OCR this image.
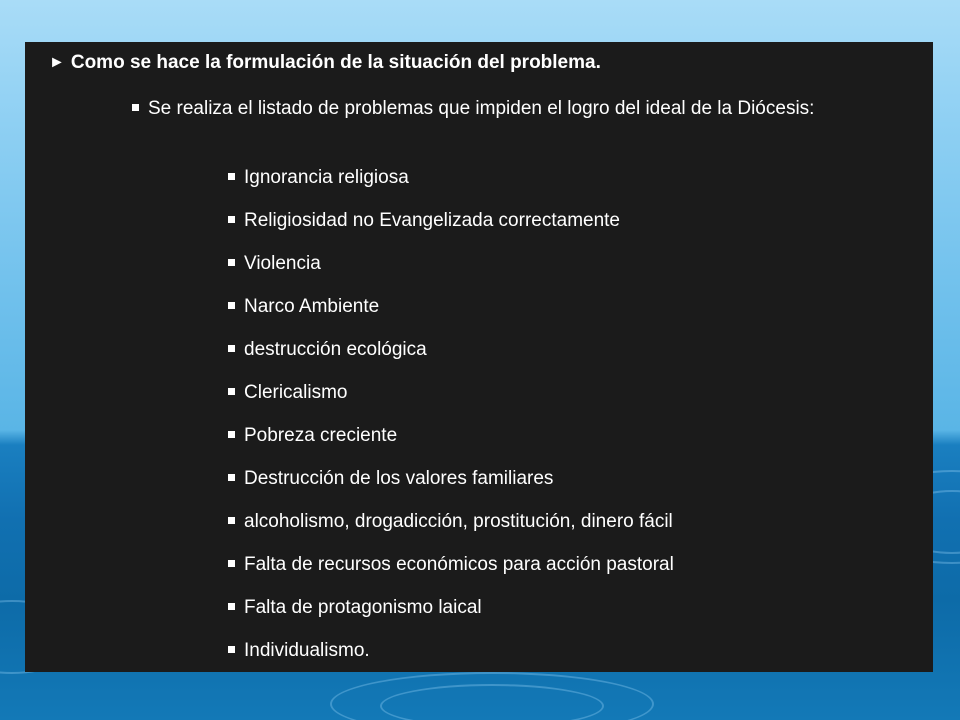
► Como se hace la formulación de la situación del problema.
Se realiza el listado de problemas que impiden el logro del ideal de la Diócesis:
Ignorancia religiosa
Religiosidad no Evangelizada correctamente
Violencia
Narco Ambiente
destrucción ecológica
Clericalismo
Pobreza creciente
Destrucción de los valores familiares
alcoholismo, drogadicción, prostitución, dinero fácil
Falta de recursos económicos para acción pastoral
Falta de protagonismo laical
Individualismo.
